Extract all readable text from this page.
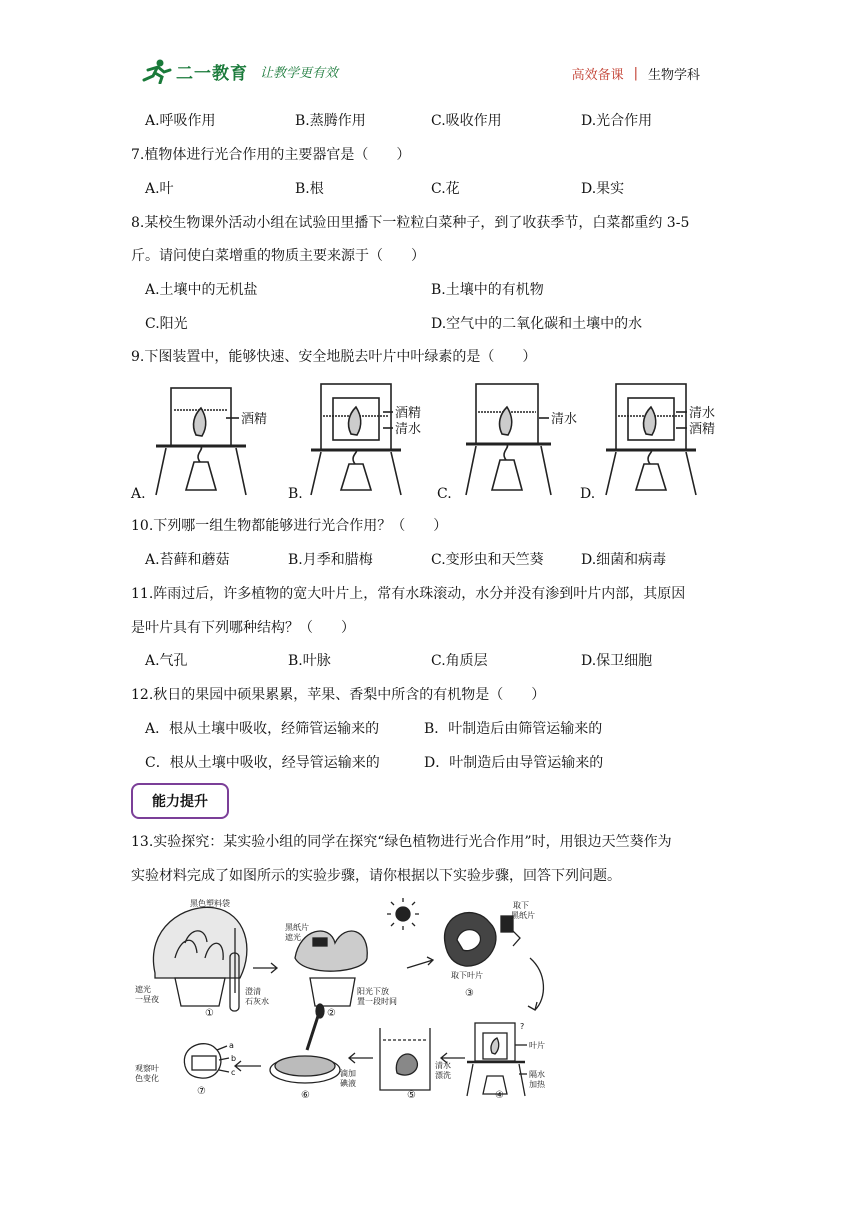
二一教育 让教学更有效	高效备课 | 生物学科
A.呼吸作用	B.蒸腾作用	C.吸收作用	D.光合作用
7.植物体进行光合作用的主要器官是（　　）
A.叶	B.根	C.花	D.果实
8.某校生物课外活动小组在试验田里播下一粒粒白菜种子，到了收获季节，白菜都重约 3-5
斤。请问使白菜增重的物质主要来源于（　　）
A.土壤中的无机盐	B.土壤中的有机物
C.阳光	D.空气中的二氧化碳和土壤中的水
9.下图装置中，能够快速、安全地脱去叶片中叶绿素的是（　　）
酒精	酒精
清水
清水	清水
酒精
A.	B.	C.	D.
10.下列哪一组生物都能够进行光合作用？（　　）
A.苔藓和蘑菇	B.月季和腊梅	C.变形虫和天竺葵	D.细菌和病毒
11.阵雨过后，许多植物的宽大叶片上，常有水珠滚动，水分并没有渗到叶片内部，其原因
是叶片具有下列哪种结构？（　　）
A.气孔	B.叶脉	C.角质层	D.保卫细胞
12.秋日的果园中硕果累累，苹果、香梨中所含的有机物是（　　）
A．根从土壤中吸收，经筛管运输来的	B．叶制造后由筛管运输来的
C．根从土壤中吸收，经导管运输来的	D．叶制造后由导管运输来的
能力提升
13.实验探究：某实验小组的同学在探究“绿色植物进行光合作用”时，用银边天竺葵作为
实验材料完成了如图所示的实验步骤，请你根据以下实验步骤，回答下列问题。
黑色塑料袋
遮光
一昼夜
澄清
石灰水
黑纸片
遮光
阳光下放
置一段时间
取下
黑纸片
取下叶片
叶片
隔水
加热
清水
漂洗
滴加
碘液
观察叶
色变化
a
b
c
?
①	②
③
④
⑤
⑥
⑦
